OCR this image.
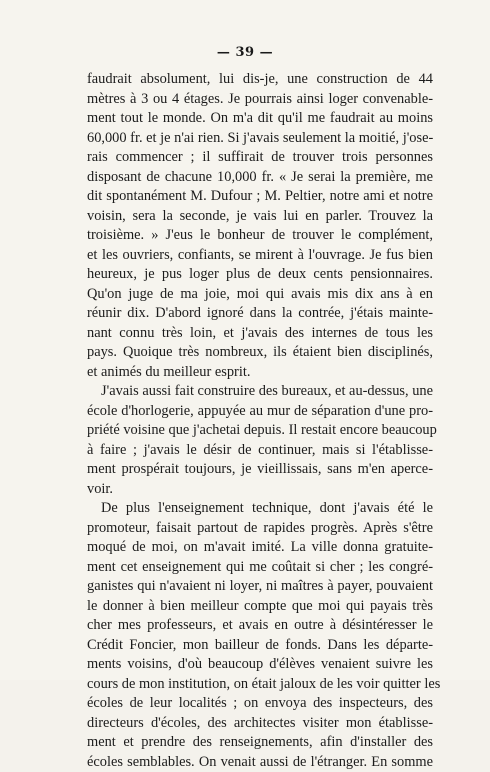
— 39 —
faudrait absolument, lui dis-je, une construction de 44
mètres à 3 ou 4 étages. Je pourrais ainsi loger convenable-
ment tout le monde. On m'a dit qu'il me faudrait au moins
60,000 fr. et je n'ai rien. Si j'avais seulement la moitié, j'ose-
rais commencer ; il suffirait de trouver trois personnes
disposant de chacune 10,000 fr. « Je serai la première, me
dit spontanément M. Dufour ; M. Peltier, notre ami et notre
voisin, sera la seconde, je vais lui en parler. Trouvez la
troisième. » J'eus le bonheur de trouver le complément,
et les ouvriers, confiants, se mirent à l'ouvrage. Je fus bien
heureux, je pus loger plus de deux cents pensionnaires.
Qu'on juge de ma joie, moi qui avais mis dix ans à en
réunir dix. D'abord ignoré dans la contrée, j'étais mainte-
nant connu très loin, et j'avais des internes de tous les
pays. Quoique très nombreux, ils étaient bien disciplinés,
et animés du meilleur esprit.
J'avais aussi fait construire des bureaux, et au-dessus, une
école d'horlogerie, appuyée au mur de séparation d'une pro-
priété voisine que j'achetai depuis. Il restait encore beaucoup
à faire ; j'avais le désir de continuer, mais si l'établisse-
ment prospérait toujours, je vieillissais, sans m'en aperce-
voir.
De plus l'enseignement technique, dont j'avais été le
promoteur, faisait partout de rapides progrès. Après s'être
moqué de moi, on m'avait imité. La ville donna gratuite-
ment cet enseignement qui me coûtait si cher ; les congré-
ganistes qui n'avaient ni loyer, ni maîtres à payer, pouvaient
le donner à bien meilleur compte que moi qui payais très
cher mes professeurs, et avais en outre à désintéresser le
Crédit Foncier, mon bailleur de fonds. Dans les départe-
ments voisins, d'où beaucoup d'élèves venaient suivre les
cours de mon institution, on était jaloux de les voir quitter les
écoles de leur localités ; on envoya des inspecteurs, des
directeurs d'écoles, des architectes visiter mon établisse-
ment et prendre des renseignements, afin d'installer des
écoles semblables. On venait aussi de l'étranger. En somme
